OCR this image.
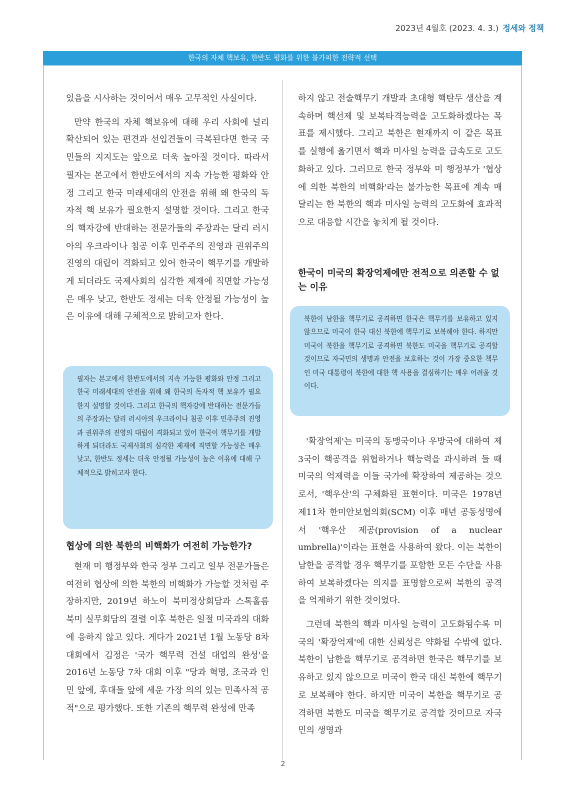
2023년 4월호 (2023. 4. 3.) 정세와 정책
한국의 자체 핵보유, 한반도 평화를 위한 불가피한 전략적 선택

있음을 시사하는 것이어서 매우 고무적인 사실이다.

만약 한국의 자체 핵보유에 대해 우리 사회에 널리 확산되어 있는 편견과 선입견들이 극복된다면 한국 국민들의 지지도는 앞으로 더욱 높아질 것이다. 따라서 필자는 본고에서 한반도에서의 지속 가능한 평화와 안정 그리고 한국 미래세대의 안전을 위해 왜 한국의 독자적 핵 보유가 필요한지 설명할 것이다. 그리고 한국의 핵자강에 반대하는 전문가들의 주장과는 달리 러시아의 우크라이나 침공 이후 민주주의 진영과 권위주의 진영의 대립이 격화되고 있어 한국이 핵무기를 개발하게 되더라도 국제사회의 심각한 제재에 직면할 가능성은 매우 낮고, 한반도 정세는 더욱 안정될 가능성이 높은 이유에 대해 구체적으로 밝히고자 한다.

필자는 본고에서 한반도에서의 지속 가능한 평화와 안정 그리고 한국 미래세대의 안전을 위해 왜 한국의 독자적 핵 보유가 필요한지 설명할 것이다. 그리고 한국의 핵자강에 반대하는 전문가들의 주장과는 달리 러시아의 우크라이나 침공 이후 민주주의 진영과 권위주의 진영의 대립이 격화되고 있어 한국이 핵무기를 개발하게 되더라도 국제사회의 심각한 제재에 직면할 가능성은 매우 낮고, 한반도 정세는 더욱 안정될 가능성이 높은 이유에 대해 구체적으로 밝히고자 한다.
협상에 의한 북한의 비핵화가 여전히 가능한가?

현재 미 행정부와 한국 정부 그리고 일부 전문가들은 여전히 협상에 의한 북한의 비핵화가 가능할 것처럼 주장하지만, 2019년 하노이 북미정상회담과 스톡홀름 북미 실무회담의 결렬 이후 북한은 일절 미국과의 대화에 응하지 않고 있다. 게다가 2021년 1월 노동당 8차 대회에서 김정은 '국가 핵무력 건설 대업의 완성'을 2016년 노동당 7차 대회 이후 "당과 혁명, 조국과 인민 앞에, 후대들 앞에 세운 가장 의의 있는 민족사적 공적"으로 평가했다. 또한 기존의 핵무력 완성에 만족

하지 않고 전술핵무기 개발과 초대형 핵탄두 생산을 계속하며 핵선제 및 보복타격능력을 고도화하겠다는 목표를 제시했다. 그리고 북한은 현재까지 이 같은 목표를 실행에 옮기면서 핵과 미사일 능력을 급속도로 고도화하고 있다. 그러므로 한국 정부와 미 행정부가 '협상에 의한 북한의 비핵화'라는 불가능한 목표에 계속 매달리는 한 북한의 핵과 미사일 능력의 고도화에 효과적으로 대응할 시간을 놓치게 될 것이다.

한국이 미국의 확장억제에만 전적으로 의존할 수 없는 이유
북한이 남한을 핵무기로 공격하면 한국은 핵무기를 보유하고 있지 않으므로 미국이 한국 대신 북한에 핵무기로 보복해야 한다. 하지만 미국이 북한을 핵무기로 공격하면 북한도 미국을 핵무기로 공격할 것이므로 자국민의 생명과 안전을 보호하는 것이 가장 중요한 책무인 미국 대통령이 북한에 대한 핵 사용을 결심하기는 매우 어려울 것이다.

'확장억제'는 미국의 동맹국이나 우방국에 대하여 제3국이 핵공격을 위협하거나 핵능력을 과시하려 들 때 미국의 억제력을 이들 국가에 확장하여 제공하는 것으로서, '핵우산'의 구체화된 표현이다. 미국은 1978년 제11차 한미안보협의회(SCM) 이후 매년 공동성명에서 '핵우산 제공(provision of a nuclear umbrella)'이라는 표현을 사용하여 왔다. 이는 북한이 남한을 공격할 경우 핵무기를 포함한 모든 수단을 사용하여 보복하겠다는 의지를 표명함으로써 북한의 공격을 억제하기 위한 것이었다.

그런데 북한의 핵과 미사일 능력이 고도화됨수록 미국의 '확장억제'에 대한 신뢰성은 약화될 수밖에 없다. 북한이 남한을 핵무기로 공격하면 한국은 핵무기를 보유하고 있지 않으므로 미국이 한국 대신 북한에 핵무기로 보복해야 한다. 하지만 미국이 북한을 핵무기로 공격하면 북한도 미국을 핵무기로 공격할 것이므로 자국민의 생명과

2
